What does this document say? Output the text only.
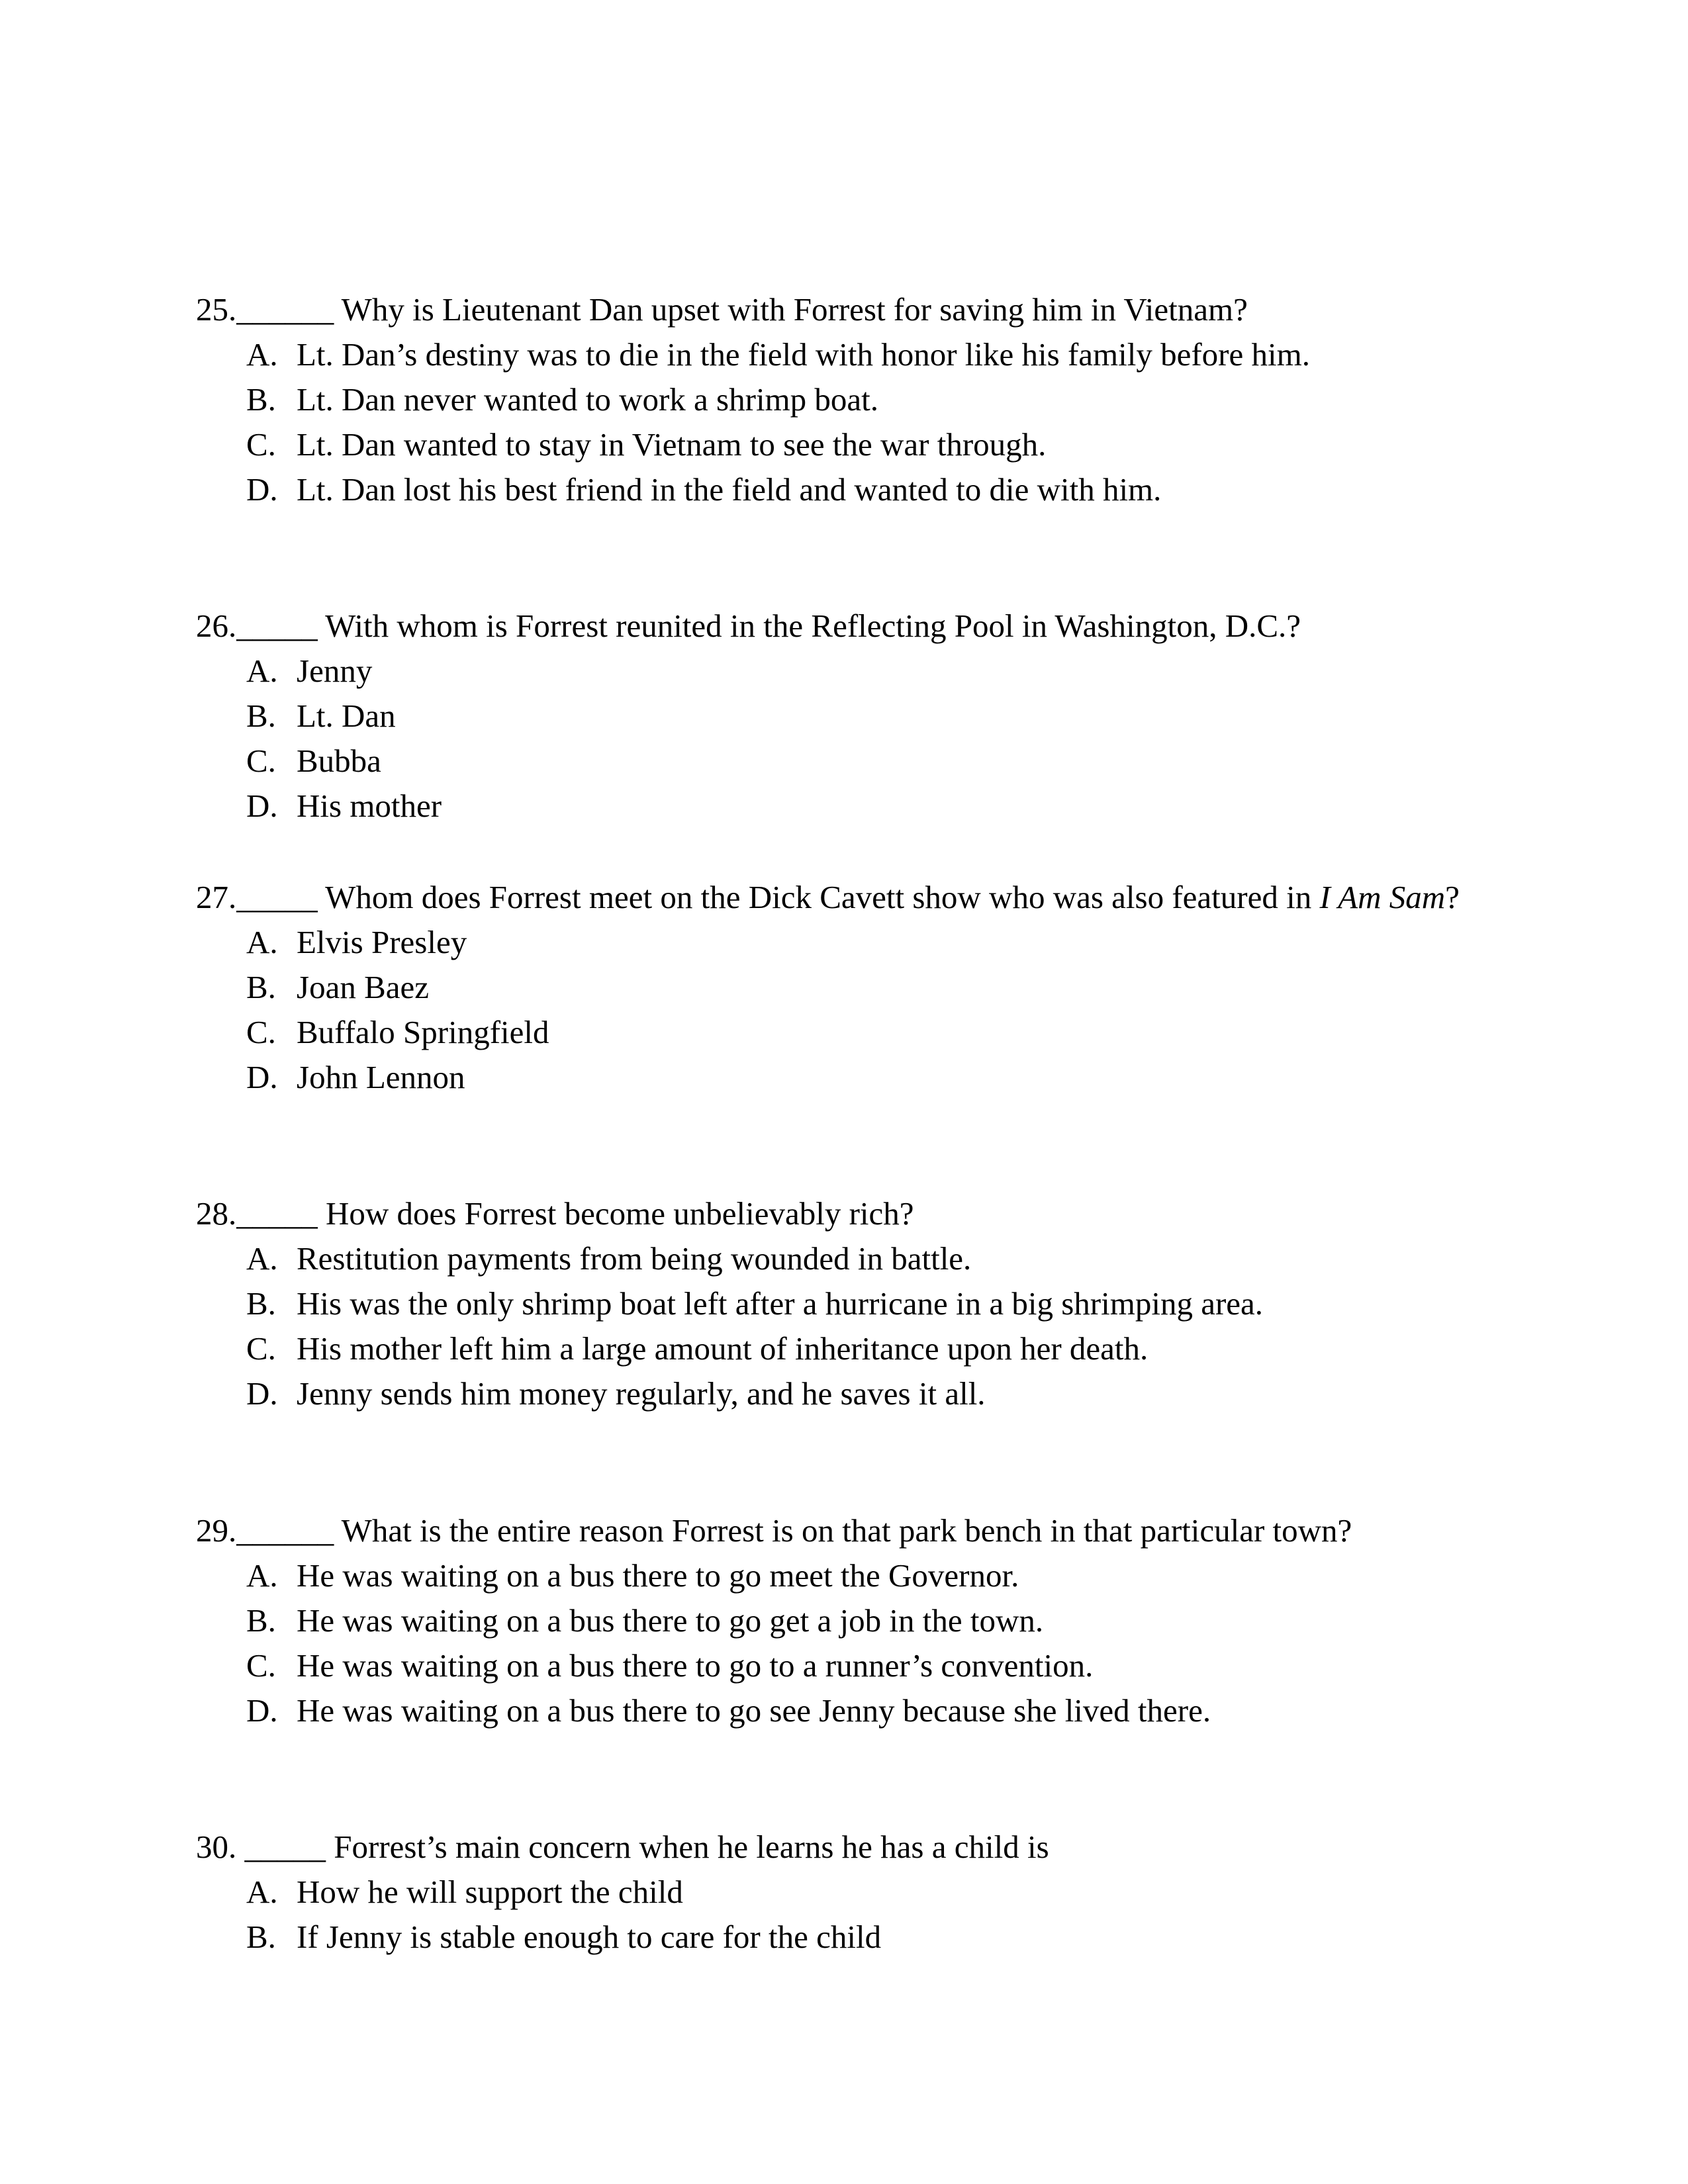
25.______ Why is Lieutenant Dan upset with Forrest for saving him in Vietnam?
A. Lt. Dan’s destiny was to die in the field with honor like his family before him.
B. Lt. Dan never wanted to work a shrimp boat.
C. Lt. Dan wanted to stay in Vietnam to see the war through.
D. Lt. Dan lost his best friend in the field and wanted to die with him.
26._____ With whom is Forrest reunited in the Reflecting Pool in Washington, D.C.?
A. Jenny
B. Lt. Dan
C. Bubba
D. His mother
27._____ Whom does Forrest meet on the Dick Cavett show who was also featured in I Am Sam?
A. Elvis Presley
B. Joan Baez
C. Buffalo Springfield
D. John Lennon
28._____ How does Forrest become unbelievably rich?
A. Restitution payments from being wounded in battle.
B. His was the only shrimp boat left after a hurricane in a big shrimping area.
C. His mother left him a large amount of inheritance upon her death.
D. Jenny sends him money regularly, and he saves it all.
29.______ What is the entire reason Forrest is on that park bench in that particular town?
A. He was waiting on a bus there to go meet the Governor.
B. He was waiting on a bus there to go get a job in the town.
C. He was waiting on a bus there to go to a runner’s convention.
D. He was waiting on a bus there to go see Jenny because she lived there.
30. _____ Forrest’s main concern when he learns he has a child is
A. How he will support the child
B. If Jenny is stable enough to care for the child
